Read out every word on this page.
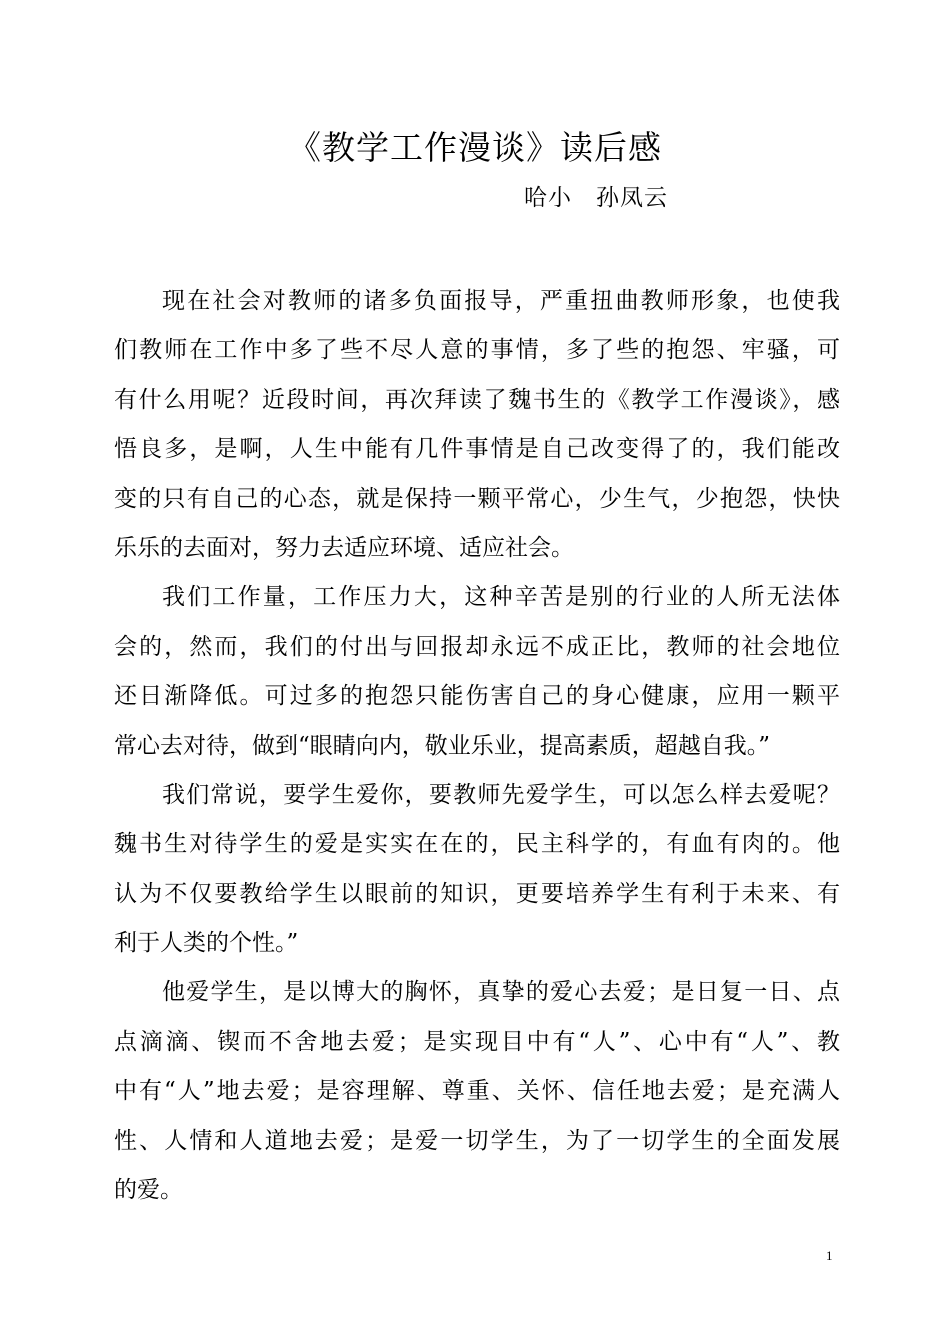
《教学工作漫谈》读后感
哈小　孙凤云
现在社会对教师的诸多负面报导，严重扭曲教师形象，也使我
们教师在工作中多了些不尽人意的事情，多了些的抱怨、牢骚，可
有什么用呢？近段时间，再次拜读了魏书生的《教学工作漫谈》，感
悟良多，是啊，人生中能有几件事情是自己改变得了的，我们能改
变的只有自己的心态，就是保持一颗平常心，少生气，少抱怨，快快
乐乐的去面对，努力去适应环境、适应社会。
我们工作量，工作压力大，这种辛苦是别的行业的人所无法体
会的，然而，我们的付出与回报却永远不成正比，教师的社会地位
还日渐降低。可过多的抱怨只能伤害自己的身心健康，应用一颗平
常心去对待，做到“眼睛向内，敬业乐业，提高素质，超越自我。”
我们常说，要学生爱你，要教师先爱学生，可以怎么样去爱呢？
魏书生对待学生的爱是实实在在的，民主科学的，有血有肉的。他
认为不仅要教给学生以眼前的知识，更要培养学生有利于未来、有
利于人类的个性。”
他爱学生，是以博大的胸怀，真挚的爱心去爱；是日复一日、点
点滴滴、锲而不舍地去爱；是实现目中有“人”、心中有“人”、教
中有“人”地去爱；是容理解、尊重、关怀、信任地去爱；是充满人
性、人情和人道地去爱；是爱一切学生，为了一切学生的全面发展
的爱。
1
